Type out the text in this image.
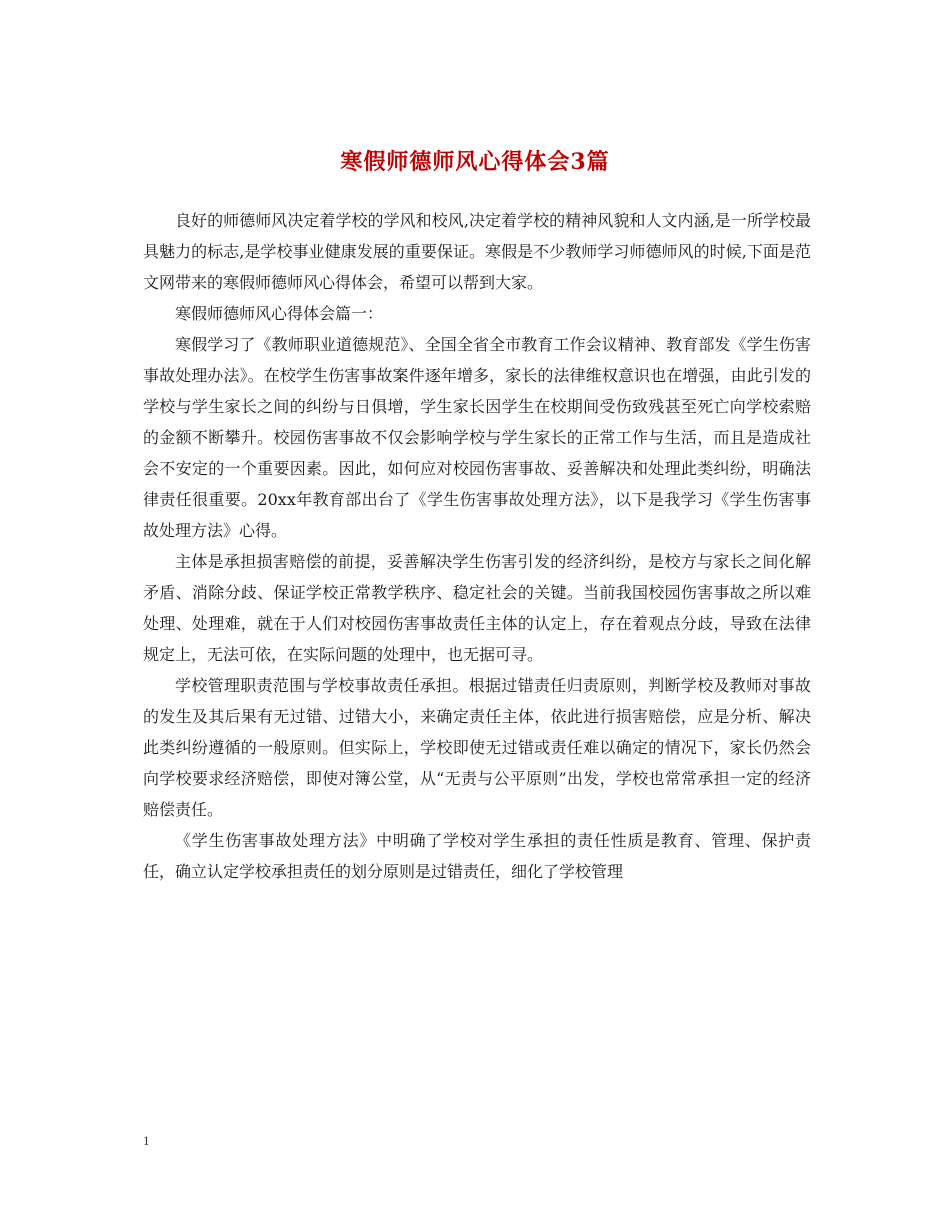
寒假师德师风心得体会3篇

良好的师德师风决定着学校的学风和校风,决定着学校的精神风貌和人文内涵,是一所学校最具魅力的标志,是学校事业健康发展的重要保证。寒假是不少教师学习师德师风的时候,下面是范文网带来的寒假师德师风心得体会，希望可以帮到大家。

寒假师德师风心得体会篇一：

寒假学习了《教师职业道德规范》、全国全省全市教育工作会议精神、教育部发《学生伤害事故处理办法》。在校学生伤害事故案件逐年增多，家长的法律维权意识也在增强，由此引发的学校与学生家长之间的纠纷与日俱增，学生家长因学生在校期间受伤致残甚至死亡向学校索赔的金额不断攀升。校园伤害事故不仅会影响学校与学生家长的正常工作与生活，而且是造成社会不安定的一个重要因素。因此，如何应对校园伤害事故、妥善解决和处理此类纠纷，明确法律责任很重要。20xx年教育部出台了《学生伤害事故处理方法》，以下是我学习《学生伤害事故处理方法》心得。

主体是承担损害赔偿的前提，妥善解决学生伤害引发的经济纠纷，是校方与家长之间化解矛盾、消除分歧、保证学校正常教学秩序、稳定社会的关键。当前我国校园伤害事故之所以难处理、处理难，就在于人们对校园伤害事故责任主体的认定上，存在着观点分歧，导致在法律规定上，无法可依，在实际问题的处理中，也无据可寻。

学校管理职责范围与学校事故责任承担。根据过错责任归责原则，判断学校及教师对事故的发生及其后果有无过错、过错大小，来确定责任主体，依此进行损害赔偿，应是分析、解决此类纠纷遵循的一般原则。但实际上，学校即使无过错或责任难以确定的情况下，家长仍然会向学校要求经济赔偿，即使对簿公堂，从“无责与公平原则”出发，学校也常常承担一定的经济赔偿责任。

《学生伤害事故处理方法》中明确了学校对学生承担的责任性质是教育、管理、保护责任，确立认定学校承担责任的划分原则是过错责任，细化了学校管理

1
